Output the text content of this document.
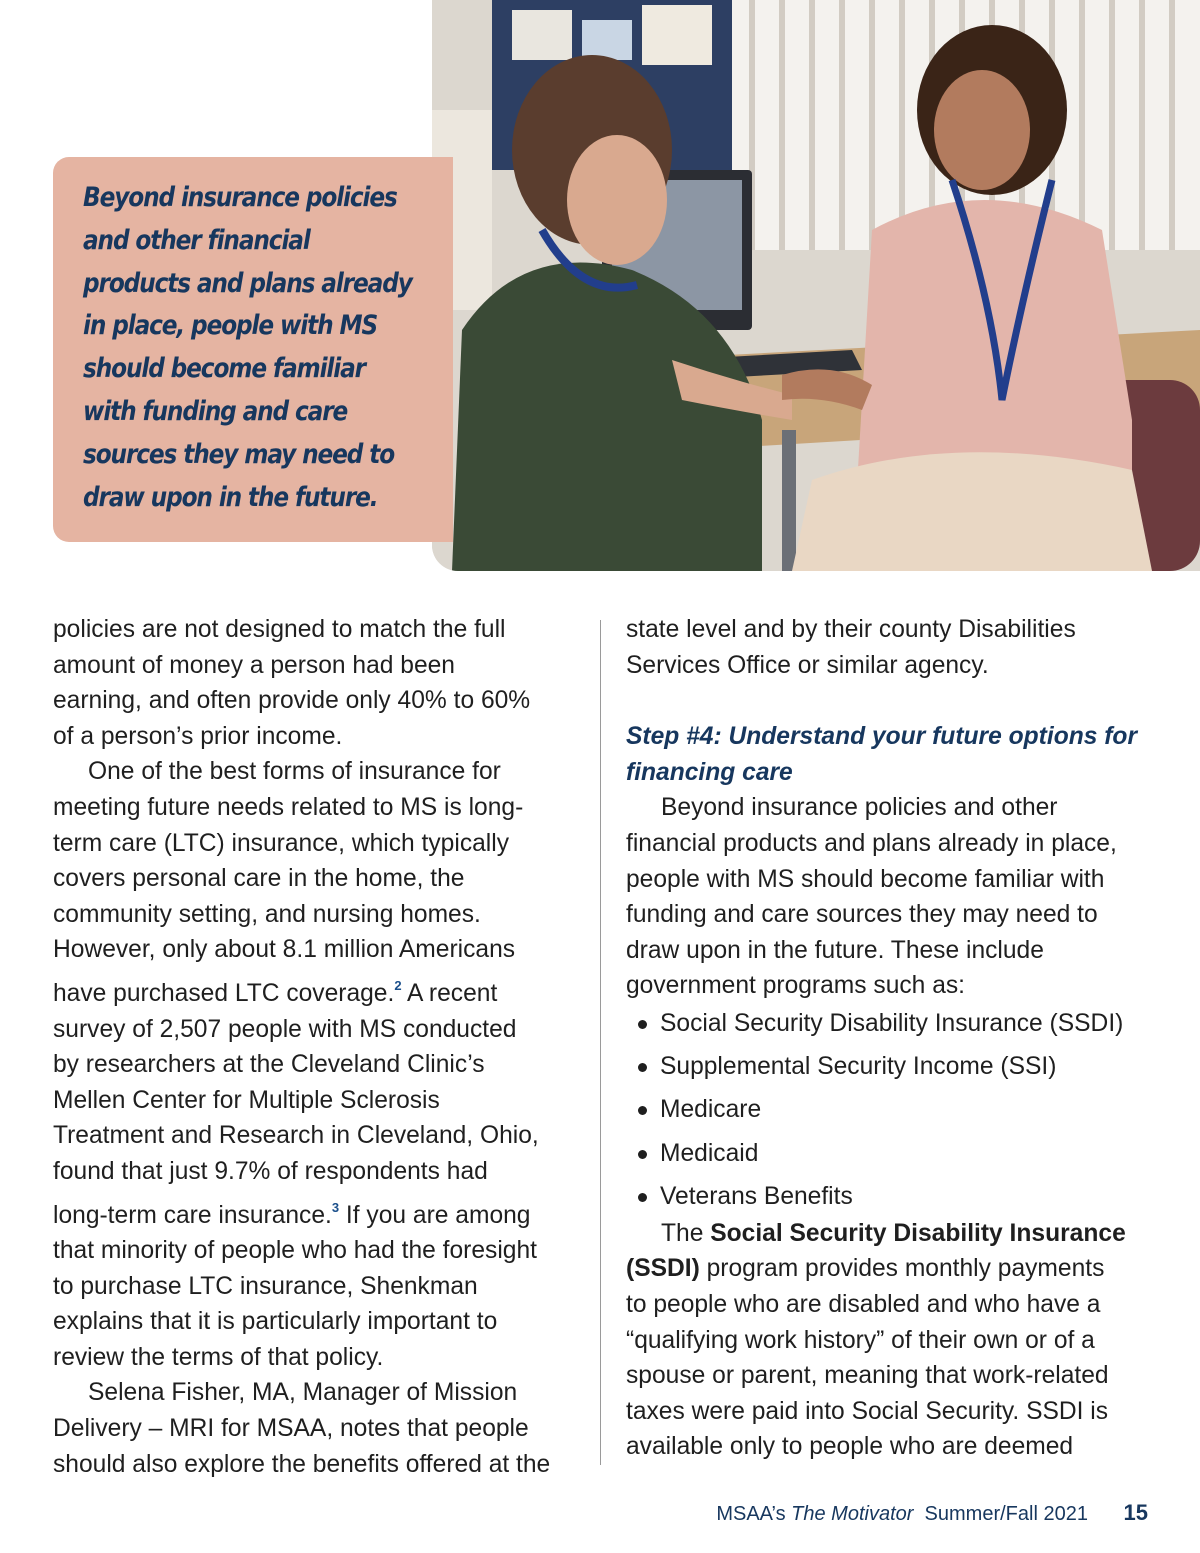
Beyond insurance policies
and other financial
products and plans already
in place, people with MS
should become familiar
with funding and care
sources they may need to
draw upon in the future.

policies are not designed to match the full
amount of money a person had been
earning, and often provide only 40% to 60%
of a person’s prior income.

One of the best forms of insurance for
meeting future needs related to MS is long-
term care (LTC) insurance, which typically
covers personal care in the home, the
community setting, and nursing homes.
However, only about 8.1 million Americans
have purchased LTC coverage.$^2$ A recent
survey of 2,507 people with MS conducted
by researchers at the Cleveland Clinic’s
Mellen Center for Multiple Sclerosis
Treatment and Research in Cleveland, Ohio,
found that just 9.7% of respondents had
long-term care insurance.$^3$ If you are among
that minority of people who had the foresight
to purchase LTC insurance, Shenkman
explains that it is particularly important to
review the terms of that policy.

Selena Fisher, MA, Manager of Mission
Delivery – MRI for MSAA, notes that people
should also explore the benefits offered at the

state level and by their county Disabilities
Services Office or similar agency.

Step #4: Understand your future options for
financing care

Beyond insurance policies and other
financial products and plans already in place,
people with MS should become familiar with
funding and care sources they may need to
draw upon in the future. These include
government programs such as:

Social Security Disability Insurance (SSDI)
Supplemental Security Income (SSI)
Medicare
Medicaid
Veterans Benefits

The Social Security Disability Insurance
(SSDI) program provides monthly payments
to people who are disabled and who have a
“qualifying work history” of their own or of a
spouse or parent, meaning that work-related
taxes were paid into Social Security. SSDI is
available only to people who are deemed

MSAA’s The Motivator Summer/Fall 2021 15
